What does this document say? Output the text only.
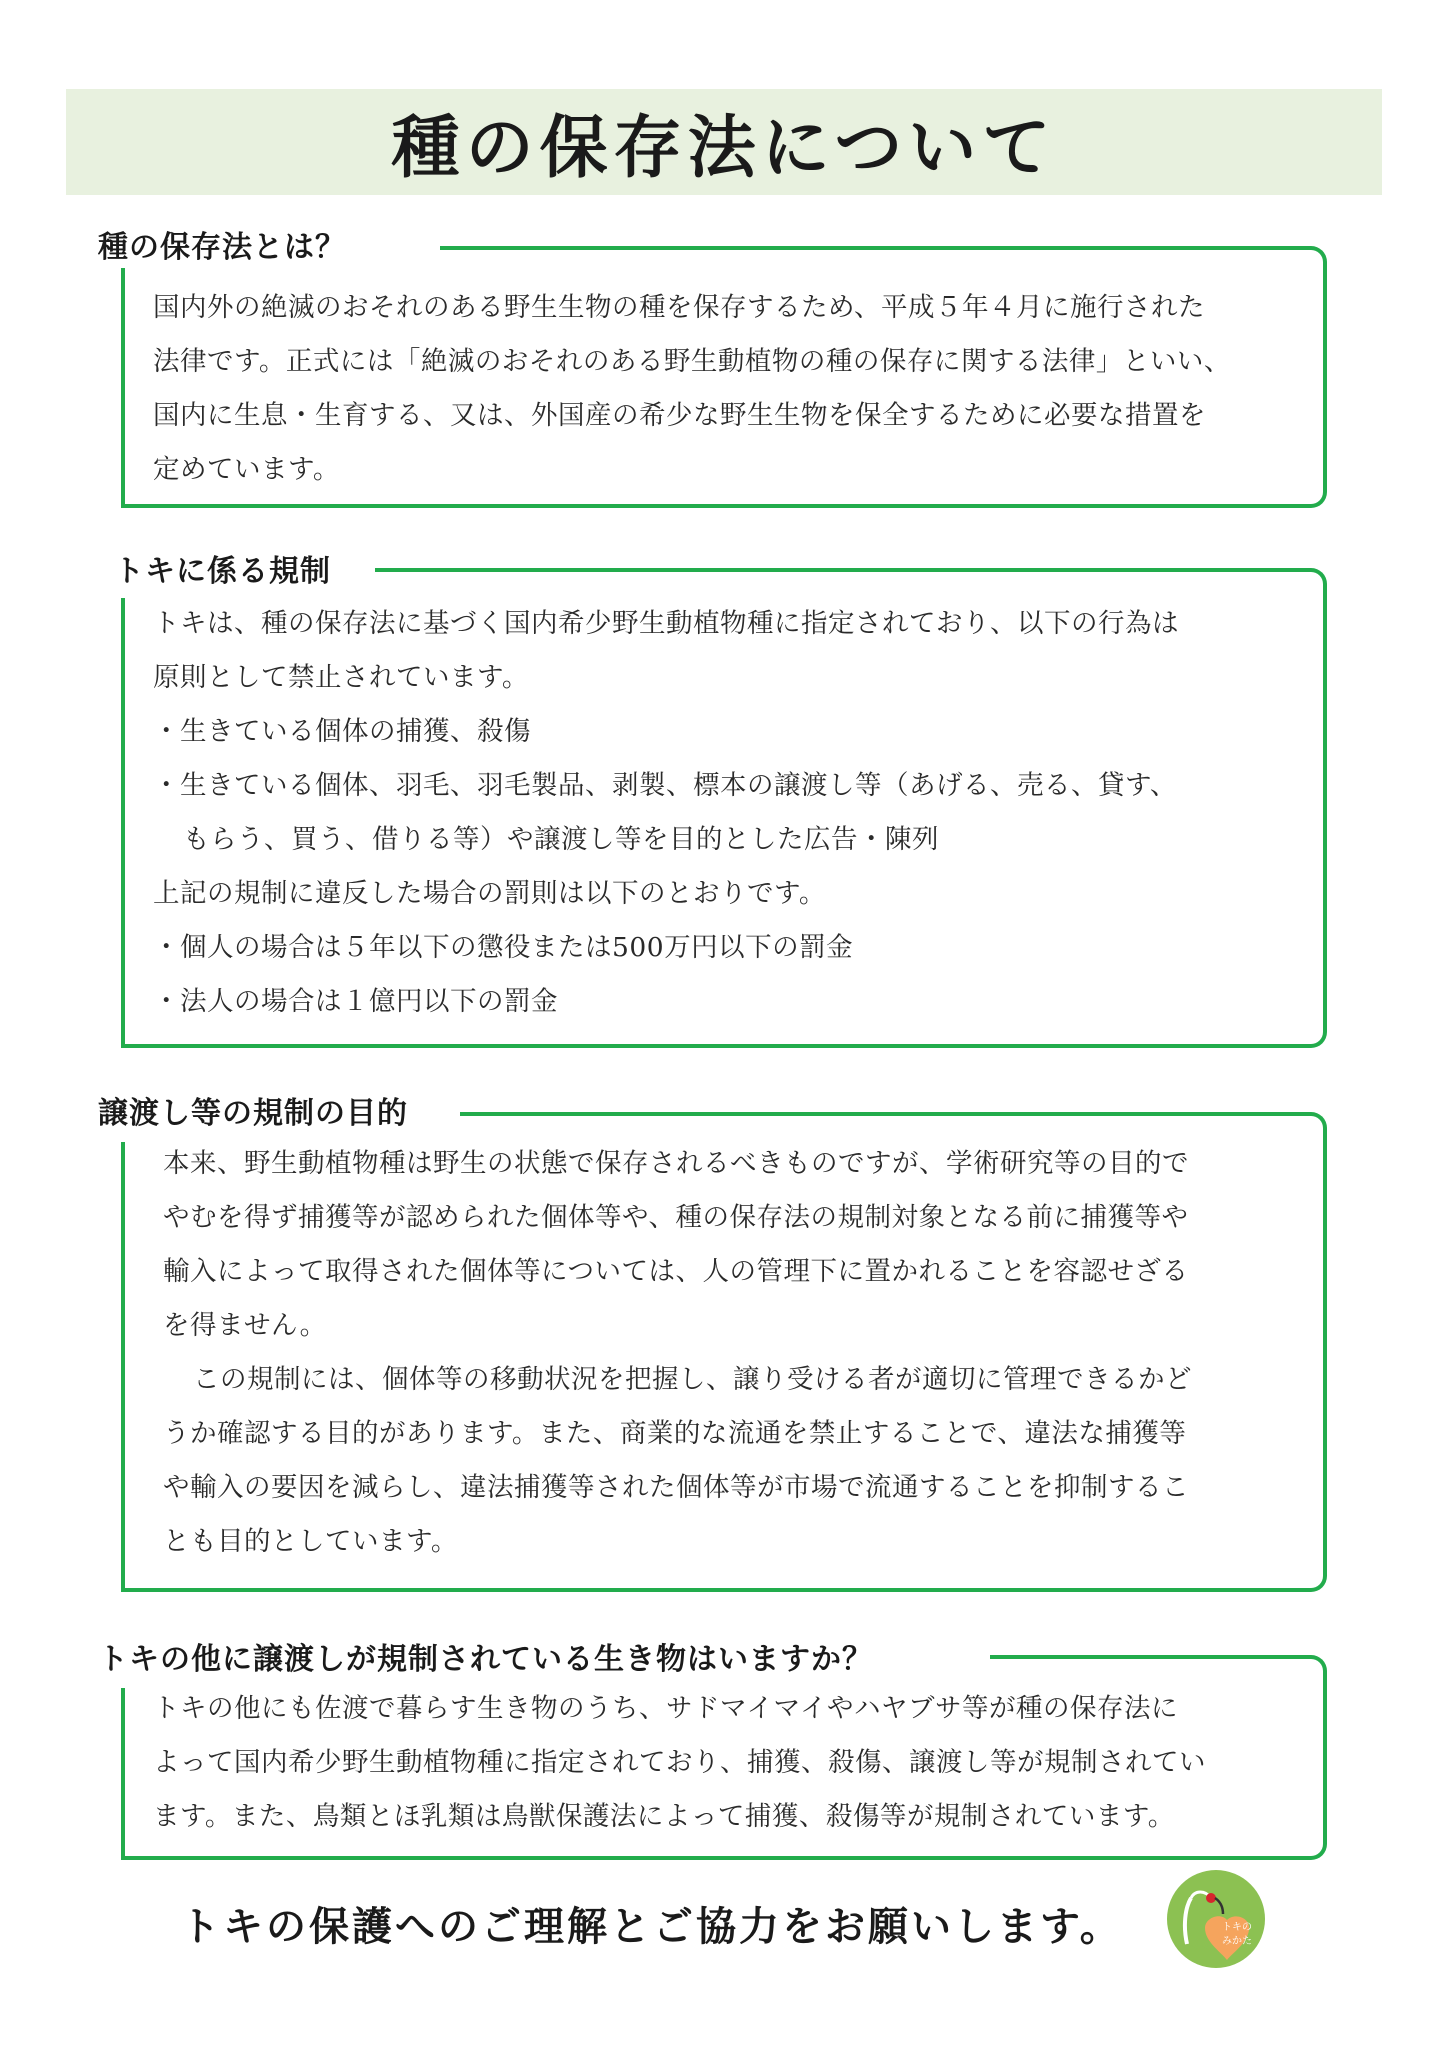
種の保存法について
種の保存法とは？

国内外の絶滅のおそれのある野生生物の種を保存するため、平成５年４月に施行された

法律です。正式には「絶滅のおそれのある野生動植物の種の保存に関する法律」といい、

国内に生息・生育する、又は、外国産の希少な野生生物を保全するために必要な措置を

定めています。

トキに係る規制

トキは、種の保存法に基づく国内希少野生動植物種に指定されており、以下の行為は

原則として禁止されています。

・生きている個体の捕獲、殺傷

・生きている個体、羽毛、羽毛製品、剥製、標本の譲渡し等（あげる、売る、貸す、

もらう、買う、借りる等）や譲渡し等を目的とした広告・陳列

上記の規制に違反した場合の罰則は以下のとおりです。

・個人の場合は５年以下の懲役または500万円以下の罰金

・法人の場合は１億円以下の罰金

譲渡し等の規制の目的

本来、野生動植物種は野生の状態で保存されるべきものですが、学術研究等の目的で

やむを得ず捕獲等が認められた個体等や、種の保存法の規制対象となる前に捕獲等や

輸入によって取得された個体等については、人の管理下に置かれることを容認せざる

を得ません。

この規制には、個体等の移動状況を把握し、譲り受ける者が適切に管理できるかど

うか確認する目的があります。また、商業的な流通を禁止することで、違法な捕獲等

や輸入の要因を減らし、違法捕獲等された個体等が市場で流通することを抑制するこ

とも目的としています。

トキの他に譲渡しが規制されている生き物はいますか？

トキの他にも佐渡で暮らす生き物のうち、サドマイマイやハヤブサ等が種の保存法に

よって国内希少野生動植物種に指定されており、捕獲、殺傷、譲渡し等が規制されてい

ます。また、鳥類とほ乳類は鳥獣保護法によって捕獲、殺傷等が規制されています。

トキの保護へのご理解とご協力をお願いします。	トキの
みかた
